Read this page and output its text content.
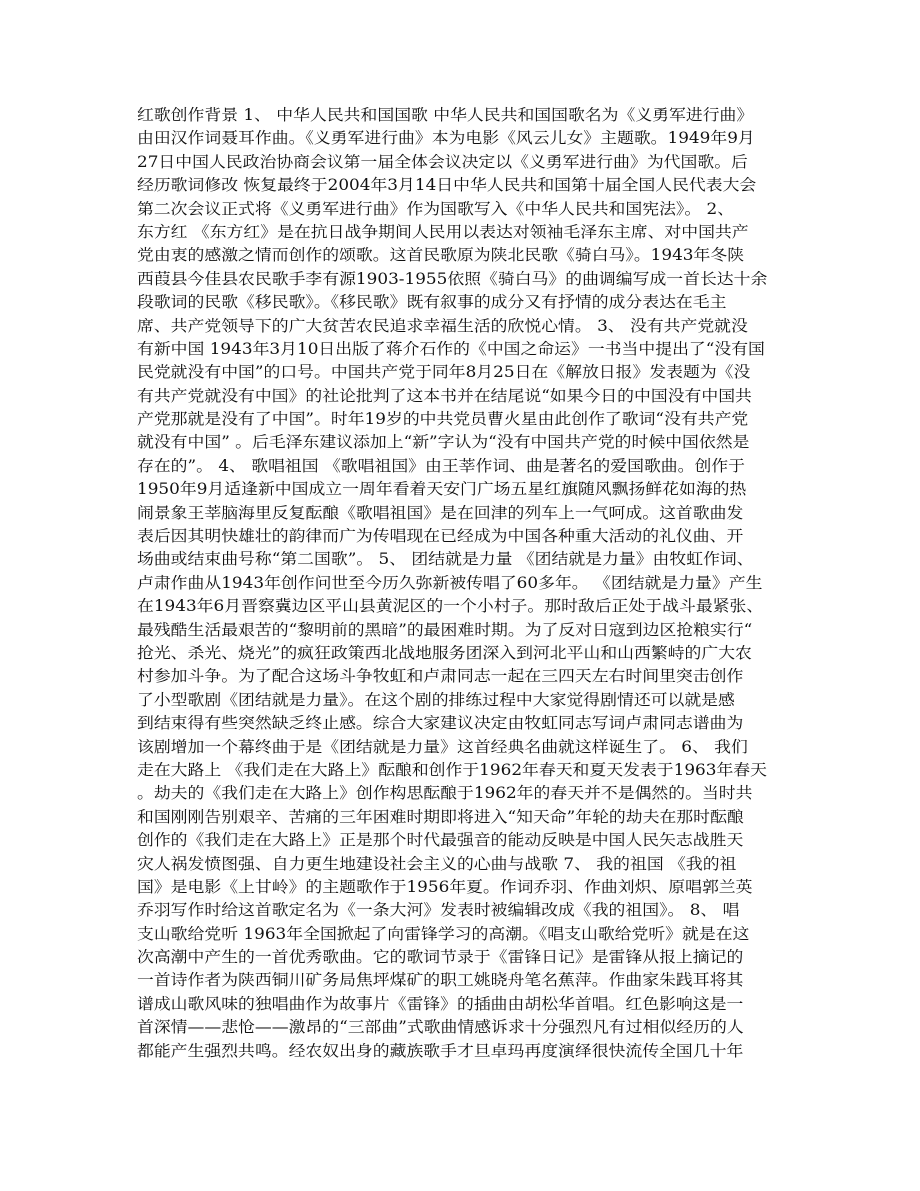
红歌创作背景 1、 中华人民共和国国歌 中华人民共和国国歌名为《义勇军进行曲》
由田汉作词聂耳作曲。《义勇军进行曲》本为电影《风云儿女》主题歌。1949年9月
27日中国人民政治协商会议第一届全体会议决定以《义勇军进行曲》为代国歌。后
经历歌词修改 恢复最终于2004年3月14日中华人民共和国第十届全国人民代表大会
第二次会议正式将《义勇军进行曲》作为国歌写入《中华人民共和国宪法》。 2、
东方红 《东方红》是在抗日战争期间人民用以表达对领袖毛泽东主席、对中国共产
党由衷的感激之情而创作的颂歌。这首民歌原为陕北民歌《骑白马》。1943年冬陕
西葭县今佳县农民歌手李有源1903-1955依照《骑白马》的曲调编写成一首长达十余
段歌词的民歌《移民歌》。《移民歌》既有叙事的成分又有抒情的成分表达在毛主
席、共产党领导下的广大贫苦农民追求幸福生活的欣悦心情。 3、 没有共产党就没
有新中国 1943年3月10日出版了蒋介石作的《中国之命运》一书当中提出了“没有国
民党就没有中国”的口号。中国共产党于同年8月25日在《解放日报》发表题为《没
有共产党就没有中国》的社论批判了这本书并在结尾说“如果今日的中国没有中国共
产党那就是没有了中国”。时年19岁的中共党员曹火星由此创作了歌词“没有共产党
就没有中国” 。后毛泽东建议添加上“新”字认为“没有中国共产党的时候中国依然是
存在的”。 4、 歌唱祖国 《歌唱祖国》由王莘作词、曲是著名的爱国歌曲。创作于
1950年9月适逢新中国成立一周年看着天安门广场五星红旗随风飘扬鲜花如海的热
闹景象王莘脑海里反复酝酿《歌唱祖国》是在回津的列车上一气呵成。这首歌曲发
表后因其明快雄壮的韵律而广为传唱现在已经成为中国各种重大活动的礼仪曲、开
场曲或结束曲号称“第二国歌”。 5、 团结就是力量 《团结就是力量》由牧虹作词、
卢肃作曲从1943年创作问世至今历久弥新被传唱了60多年。 《团结就是力量》产生
在1943年6月晋察冀边区平山县黄泥区的一个小村子。那时敌后正处于战斗最紧张、
最残酷生活最艰苦的“黎明前的黑暗”的最困难时期。为了反对日寇到边区抢粮实行“
抢光、杀光、烧光”的疯狂政策西北战地服务团深入到河北平山和山西繁峙的广大农
村参加斗争。为了配合这场斗争牧虹和卢肃同志一起在三四天左右时间里突击创作
了小型歌剧《团结就是力量》。在这个剧的排练过程中大家觉得剧情还可以就是感
到结束得有些突然缺乏终止感。综合大家建议决定由牧虹同志写词卢肃同志谱曲为
该剧增加一个幕终曲于是《团结就是力量》这首经典名曲就这样诞生了。 6、 我们
走在大路上 《我们走在大路上》酝酿和创作于1962年春天和夏天发表于1963年春天
。劫夫的《我们走在大路上》创作构思酝酿于1962年的春天并不是偶然的。当时共
和国刚刚告别艰辛、苦痛的三年困难时期即将进入“知天命”年轮的劫夫在那时酝酿
创作的《我们走在大路上》正是那个时代最强音的能动反映是中国人民矢志战胜天
灾人祸发愤图强、自力更生地建设社会主义的心曲与战歌 7、 我的祖国 《我的祖
国》是电影《上甘岭》的主题歌作于1956年夏。作词乔羽、作曲刘炽、原唱郭兰英
乔羽写作时给这首歌定名为《一条大河》发表时被编辑改成《我的祖国》。 8、 唱
支山歌给党听 1963年全国掀起了向雷锋学习的高潮。《唱支山歌给党听》就是在这
次高潮中产生的一首优秀歌曲。它的歌词节录于《雷锋日记》是雷锋从报上摘记的
一首诗作者为陕西铜川矿务局焦坪煤矿的职工姚晓舟笔名蕉萍。作曲家朱践耳将其
谱成山歌风味的独唱曲作为故事片《雷锋》的插曲由胡松华首唱。红色影响这是一
首深情——悲怆——激昂的“三部曲”式歌曲情感诉求十分强烈凡有过相似经历的人
都能产生强烈共鸣。经农奴出身的藏族歌手才旦卓玛再度演绎很快流传全国几十年
